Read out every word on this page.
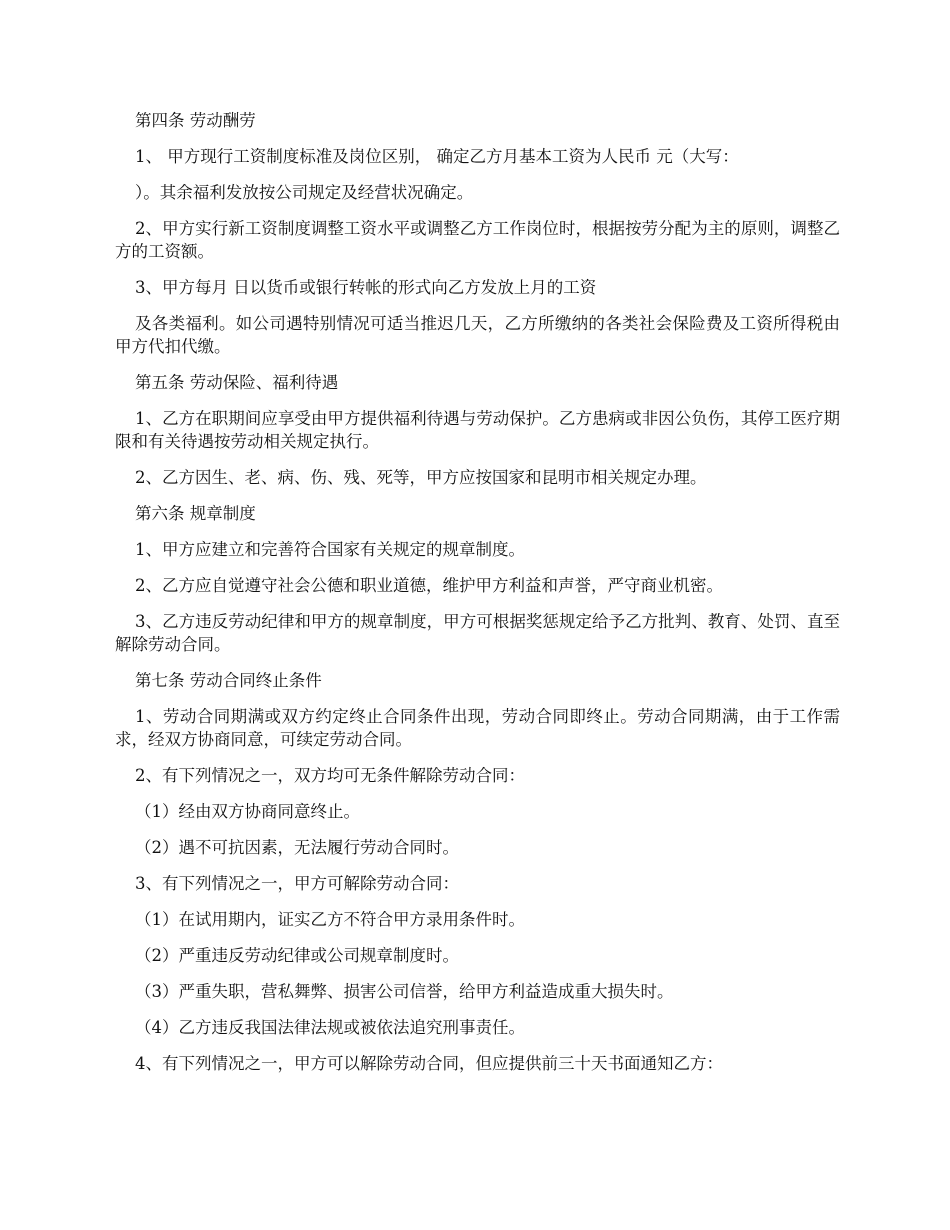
第四条 劳动酬劳

1、 甲方现行工资制度标准及岗位区别， 确定乙方月基本工资为人民币 元（大写：

）。其余福利发放按公司规定及经营状况确定。

2、甲方实行新工资制度调整工资水平或调整乙方工作岗位时，根据按劳分配为主的原则，调整乙方的工资额。

3、甲方每月 日以货币或银行转帐的形式向乙方发放上月的工资

及各类福利。如公司遇特别情况可适当推迟几天，乙方所缴纳的各类社会保险费及工资所得税由甲方代扣代缴。

第五条 劳动保险、福利待遇

1、乙方在职期间应享受由甲方提供福利待遇与劳动保护。乙方患病或非因公负伤，其停工医疗期限和有关待遇按劳动相关规定执行。

2、乙方因生、老、病、伤、残、死等，甲方应按国家和昆明市相关规定办理。

第六条 规章制度

1、甲方应建立和完善符合国家有关规定的规章制度。

2、乙方应自觉遵守社会公德和职业道德，维护甲方利益和声誉，严守商业机密。

3、乙方违反劳动纪律和甲方的规章制度，甲方可根据奖惩规定给予乙方批判、教育、处罚、直至解除劳动合同。

第七条 劳动合同终止条件

1、劳动合同期满或双方约定终止合同条件出现，劳动合同即终止。劳动合同期满，由于工作需求，经双方协商同意，可续定劳动合同。

2、有下列情况之一，双方均可无条件解除劳动合同：

（1）经由双方协商同意终止。

（2）遇不可抗因素，无法履行劳动合同时。

3、有下列情况之一，甲方可解除劳动合同：

（1）在试用期内，证实乙方不符合甲方录用条件时。

（2）严重违反劳动纪律或公司规章制度时。

（3）严重失职，营私舞弊、损害公司信誉，给甲方利益造成重大损失时。

（4）乙方违反我国法律法规或被依法追究刑事责任。

4、有下列情况之一，甲方可以解除劳动合同，但应提供前三十天书面通知乙方：
